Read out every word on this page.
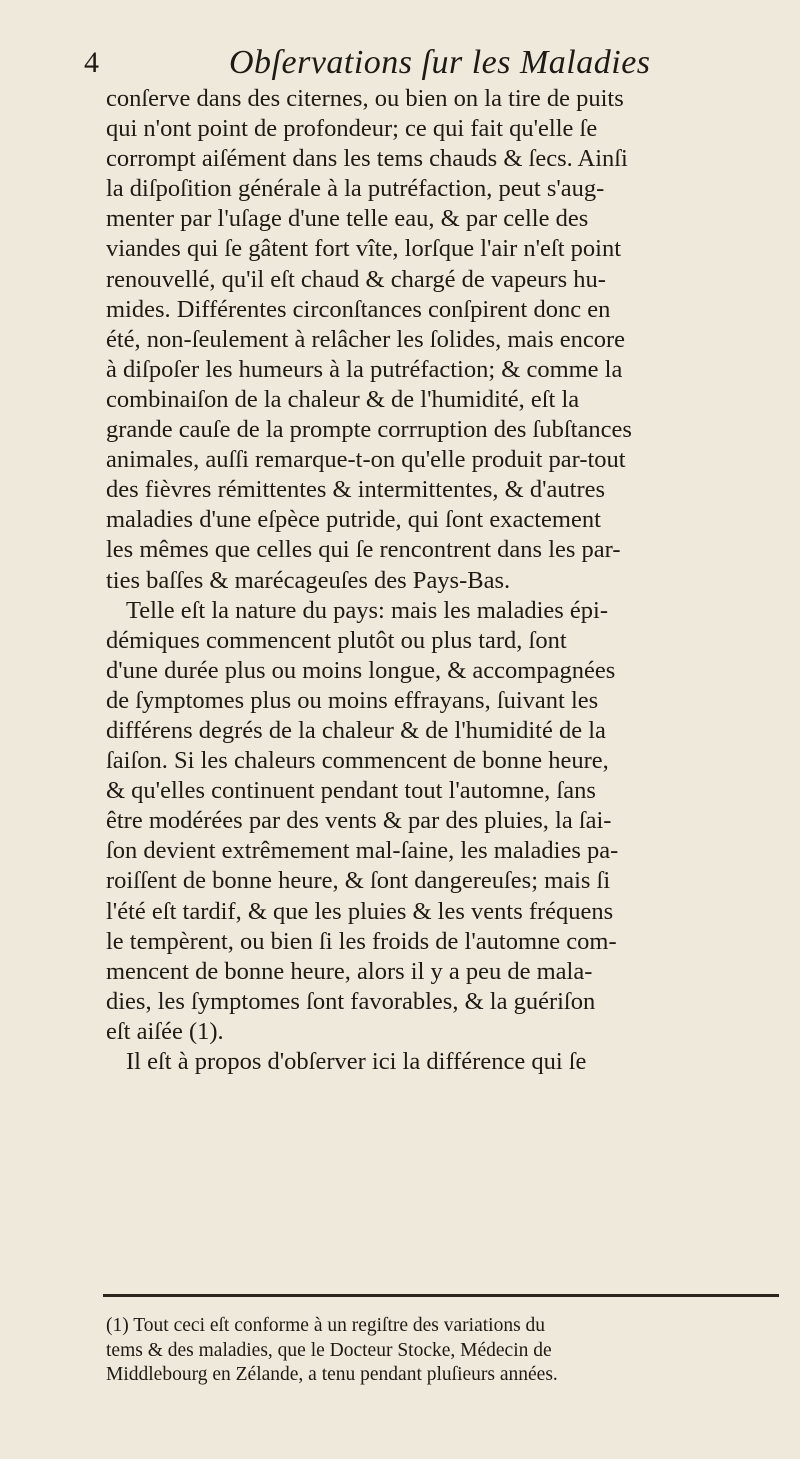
4	Obſervations ſur les Maladies
conſerve dans des citernes, ou bien on la tire de puits
qui n'ont point de profondeur; ce qui fait qu'elle ſe
corrompt aiſément dans les tems chauds & ſecs. Ainſi
la diſpoſition générale à la putréfaction, peut s'aug-
menter par l'uſage d'une telle eau, & par celle des
viandes qui ſe gâtent fort vîte, lorſque l'air n'eſt point
renouvellé, qu'il eſt chaud & chargé de vapeurs hu-
mides. Différentes circonſtances conſpirent donc en
été, non-ſeulement à relâcher les ſolides, mais encore
à diſpoſer les humeurs à la putréfaction; & comme la
combinaiſon de la chaleur & de l'humidité, eſt la
grande cauſe de la prompte corrruption des ſubſtances
animales, auſſi remarque-t-on qu'elle produit par-tout
des fièvres rémittentes & intermittentes, & d'autres
maladies d'une eſpèce putride, qui ſont exactement
les mêmes que celles qui ſe rencontrent dans les par-
ties baſſes & marécageuſes des Pays-Bas.
Telle eſt la nature du pays: mais les maladies épi-
démiques commencent plutôt ou plus tard, ſont
d'une durée plus ou moins longue, & accompagnées
de ſymptomes plus ou moins effrayans, ſuivant les
différens degrés de la chaleur & de l'humidité de la
ſaiſon. Si les chaleurs commencent de bonne heure,
& qu'elles continuent pendant tout l'automne, ſans
être modérées par des vents & par des pluies, la ſai-
ſon devient extrêmement mal-ſaine, les maladies pa-
roiſſent de bonne heure, & ſont dangereuſes; mais ſi
l'été eſt tardif, & que les pluies & les vents fréquens
le tempèrent, ou bien ſi les froids de l'automne com-
mencent de bonne heure, alors il y a peu de mala-
dies, les ſymptomes ſont favorables, & la guériſon
eſt aiſée (1).
Il eſt à propos d'obſerver ici la différence qui ſe
(1) Tout ceci eſt conforme à un regiſtre des variations du
tems & des maladies, que le Docteur Stocke, Médecin de
Middlebourg en Zélande, a tenu pendant pluſieurs années.
